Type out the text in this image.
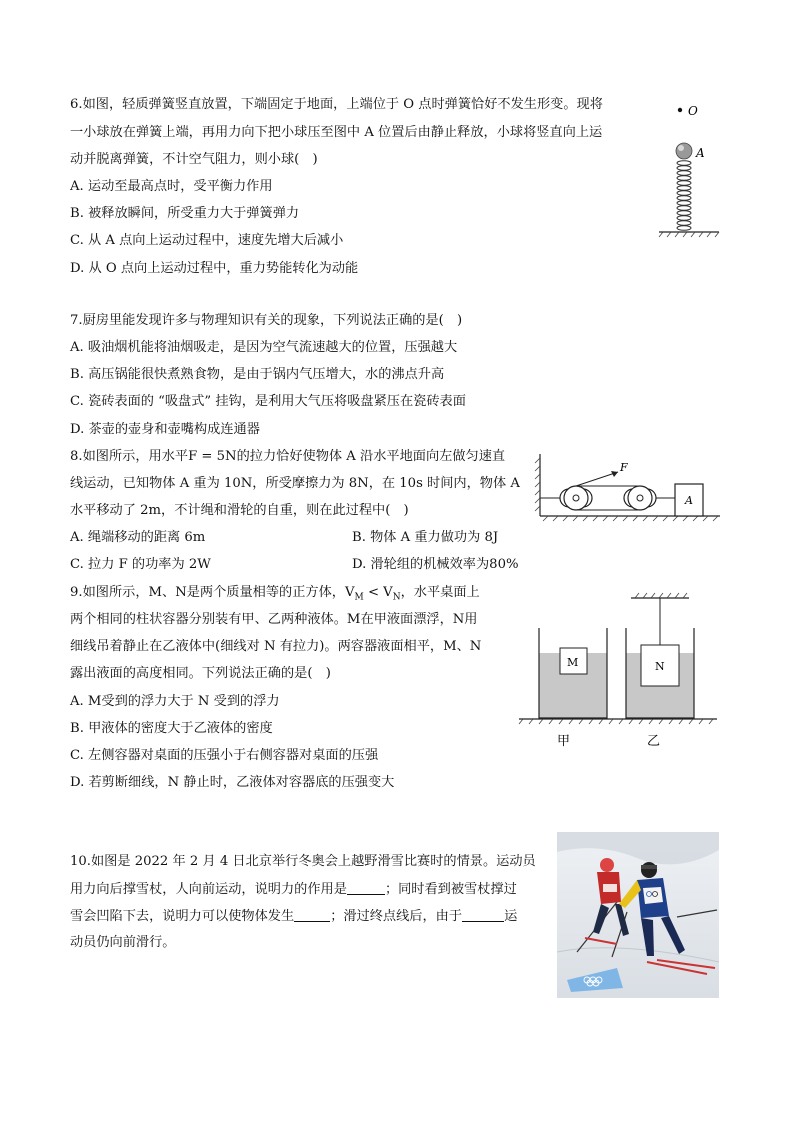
6.如图，轻质弹簧竖直放置，下端固定于地面，上端位于 O 点时弹簧恰好不发生形变。现将
一小球放在弹簧上端，再用力向下把小球压至图中 A 位置后由静止释放，小球将竖直向上运
动并脱离弹簧，不计空气阻力，则小球(　)
A. 运动至最高点时，受平衡力作用
B. 被释放瞬间，所受重力大于弹簧弹力
C. 从 A 点向上运动过程中，速度先增大后减小
D. 从 O 点向上运动过程中，重力势能转化为动能
O
A
7.厨房里能发现许多与物理知识有关的现象，下列说法正确的是(　)
A. 吸油烟机能将油烟吸走，是因为空气流速越大的位置，压强越大
B. 高压锅能很快煮熟食物，是由于锅内气压增大，水的沸点升高
C. 瓷砖表面的 “吸盘式” 挂钩，是利用大气压将吸盘紧压在瓷砖表面
D. 茶壶的壶身和壶嘴构成连通器
8.如图所示，用水平F = 5N的拉力恰好使物体 A 沿水平地面向左做匀速直
线运动，已知物体 A 重为 10N，所受摩擦力为 8N，在 10s 时间内，物体 A
水平移动了 2m，不计绳和滑轮的自重，则在此过程中(　)
A. 绳端移动的距离 6m	B. 物体 A 重力做功为 8J
C. 拉力 F 的功率为 2W	D. 滑轮组的机械效率为80%
F
A
9.如图所示，M、N是两个质量相等的正方体，$V_M < V_N$，水平桌面上
两个相同的柱状容器分别装有甲、乙两种液体。M在甲液面漂浮，N用
细线吊着静止在乙液体中(细线对 N 有拉力)。两容器液面相平，M、N
露出液面的高度相同。下列说法正确的是(　)
A. M受到的浮力大于 N 受到的浮力
B. 甲液体的密度大于乙液体的密度
C. 左侧容器对桌面的压强小于右侧容器对桌面的压强
D. 若剪断细线，N 静止时，乙液体对容器底的压强变大
M	N
甲	乙
10.如图是 2022 年 2 月 4 日北京举行冬奥会上越野滑雪比赛时的情景。运动员
用力向后撑雪杖，人向前运动，说明力的作用是	；同时看到被雪杖撑过
雪会凹陷下去，说明力可以使物体发生	；滑过终点线后，由于	运
动员仍向前滑行。
